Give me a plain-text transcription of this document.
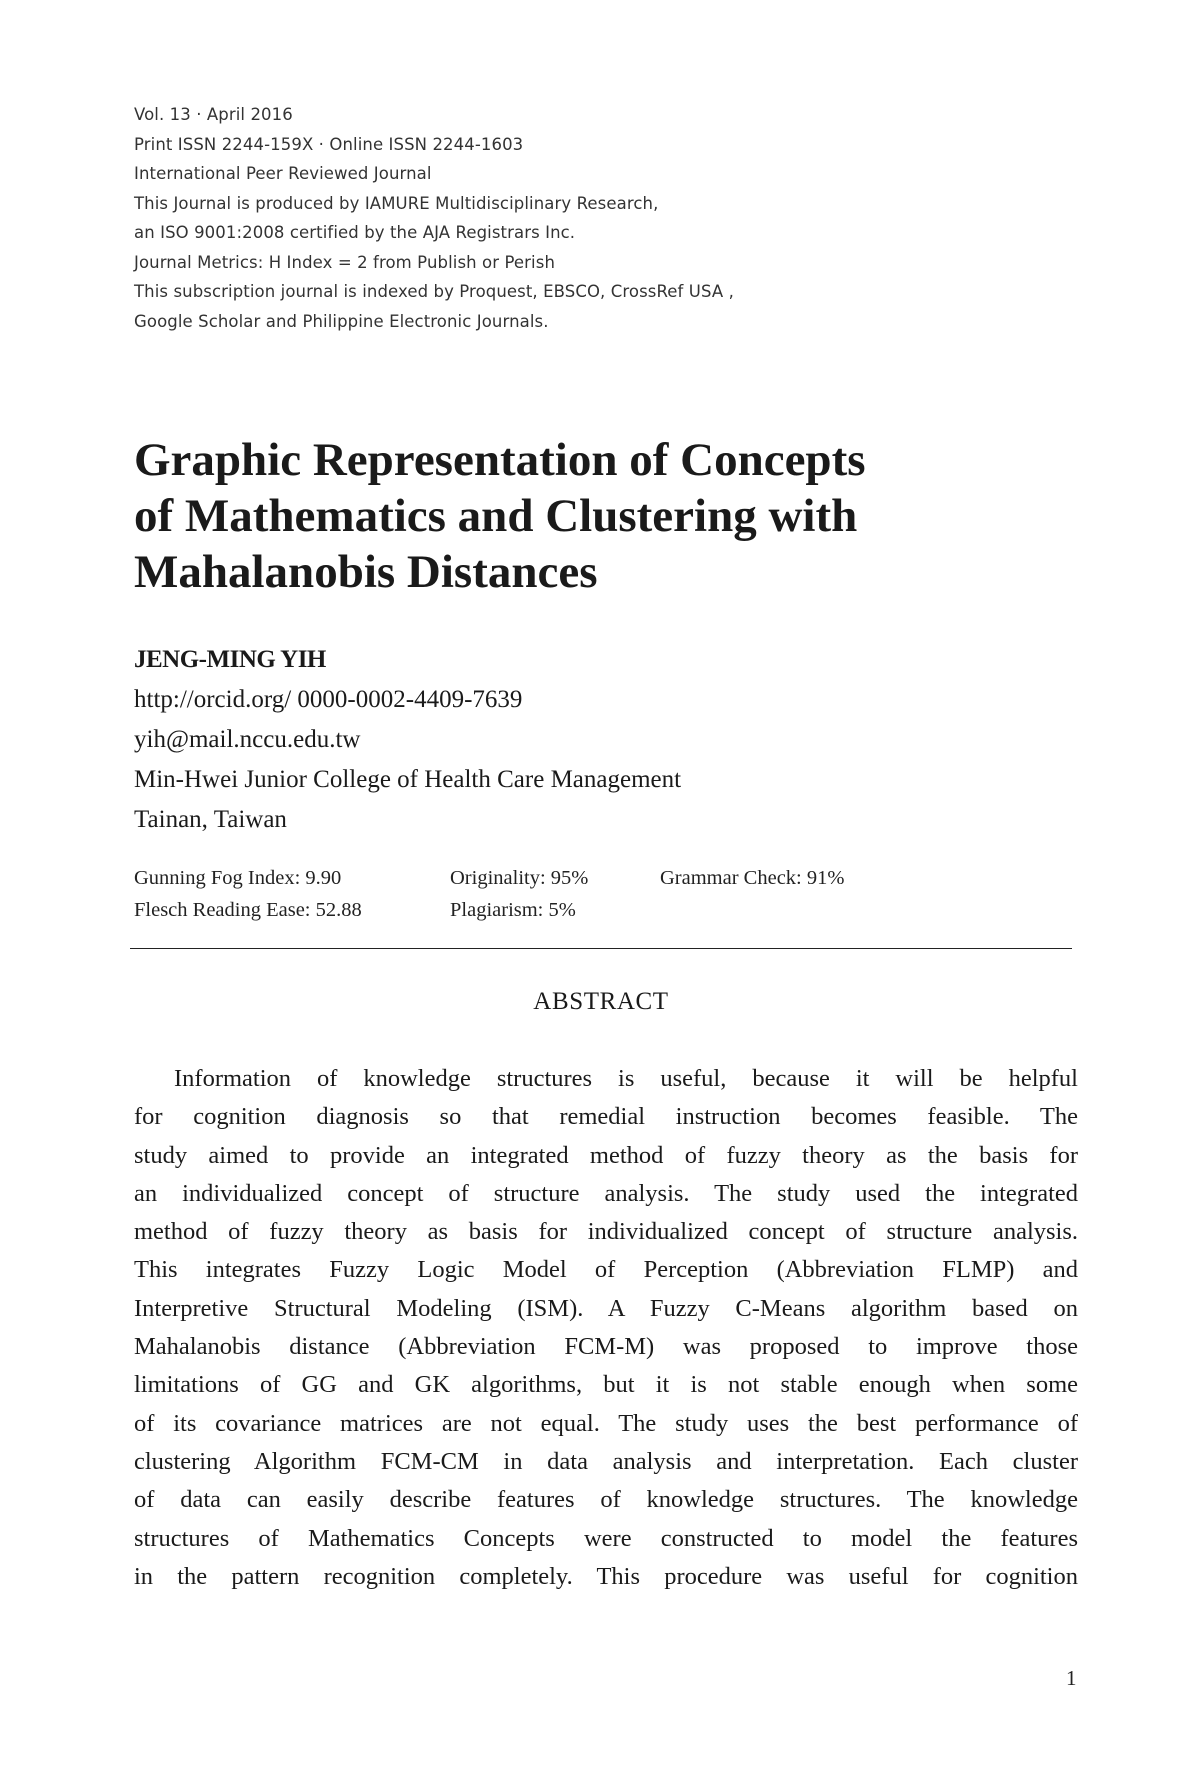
Vol. 13 · April 2016
Print ISSN 2244-159X · Online ISSN 2244-1603
International Peer Reviewed Journal
This Journal is produced by IAMURE Multidisciplinary Research,
an ISO 9001:2008 certified by the AJA Registrars Inc.
Journal Metrics: H Index = 2 from Publish or Perish
This subscription journal is indexed by Proquest, EBSCO, CrossRef USA ,
Google Scholar and Philippine Electronic Journals.
Graphic Representation of Concepts
of Mathematics and Clustering with
Mahalanobis Distances
JENG-MING YIH
http://orcid.org/ 0000-0002-4409-7639
yih@mail.nccu.edu.tw
Min-Hwei Junior College of Health Care Management
Tainan, Taiwan
Gunning Fog Index: 9.90	Originality: 95%	Grammar Check: 91%
Flesch Reading Ease: 52.88	Plagiarism: 5%
ABSTRACT
Information of knowledge structures is useful, because it will be helpful
for cognition diagnosis so that remedial instruction becomes feasible. The
study aimed to provide an integrated method of fuzzy theory as the basis for
an individualized concept of structure analysis. The study used the integrated
method of fuzzy theory as basis for individualized concept of structure analysis.
This integrates Fuzzy Logic Model of Perception (Abbreviation FLMP) and
Interpretive Structural Modeling (ISM). A Fuzzy C-Means algorithm based on
Mahalanobis distance (Abbreviation FCM-M) was proposed to improve those
limitations of GG and GK algorithms, but it is not stable enough when some
of its covariance matrices are not equal. The study uses the best performance of
clustering Algorithm FCM-CM in data analysis and interpretation. Each cluster
of data can easily describe features of knowledge structures. The knowledge
structures of Mathematics Concepts were constructed to model the features
in the pattern recognition completely. This procedure was useful for cognition
1
